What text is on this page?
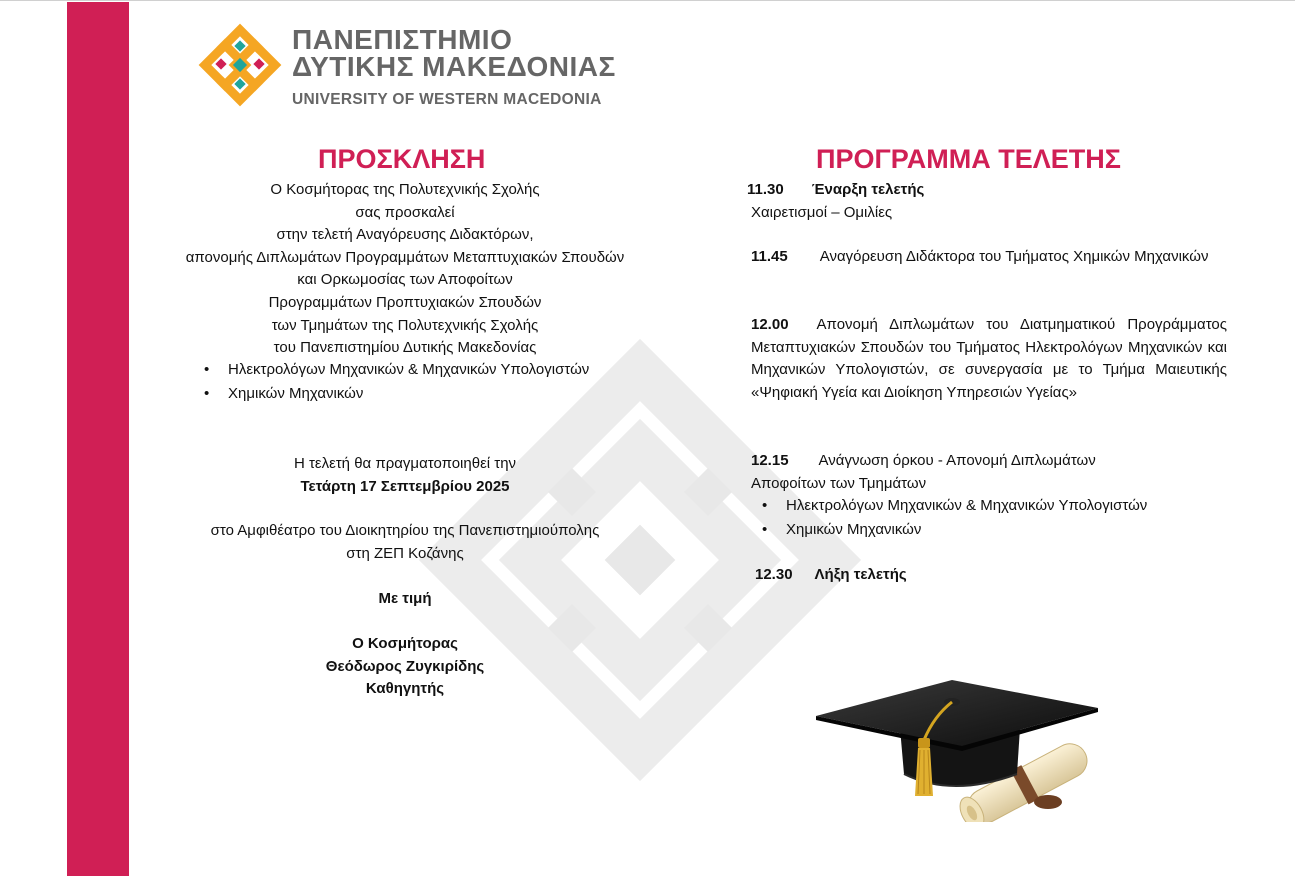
ΠΑΝΕΠΙΣΤΗΜΙΟ
ΔΥΤΙΚΗΣ ΜΑΚΕΔΟΝΙΑΣ
UNIVERSITY OF WESTERN MACEDONIA
ΠΡΟΣΚΛΗΣΗ	ΠΡΟΓΡΑΜΜΑ ΤΕΛΕΤΗΣ
Ο Κοσμήτορας της Πολυτεχνικής Σχολής
σας προσκαλεί
στην τελετή Αναγόρευσης Διδακτόρων,
απονομής Διπλωμάτων Προγραμμάτων Μεταπτυχιακών Σπουδών
και Ορκωμοσίας των Αποφοίτων
Προγραμμάτων Προπτυχιακών Σπουδών
των Τμημάτων της Πολυτεχνικής Σχολής
του Πανεπιστημίου Δυτικής Μακεδονίας
• Ηλεκτρολόγων Μηχανικών & Μηχανικών Υπολογιστών
• Χημικών Μηχανικών
Η τελετή θα πραγματοποιηθεί την
Τετάρτη 17 Σεπτεμβρίου 2025
στο Αμφιθέατρο του Διοικητηρίου της Πανεπιστημιούπολης
στη ΖΕΠ Κοζάνης
Με τιμή
Ο Κοσμήτορας
Θεόδωρος Ζυγκιρίδης
Καθηγητής
11.30 Έναρξη τελετής
Χαιρετισμοί – Ομιλίες
11.45 Αναγόρευση Διδάκτορα του Τμήματος Χημικών Μηχανικών
12.00 Απονομή Διπλωμάτων του Διατμηματικού Προγράμματος Μεταπτυχιακών Σπουδών του Τμήματος Ηλεκτρολόγων Μηχανικών και Μηχανικών Υπολογιστών, σε συνεργασία με το Τμήμα Μαιευτικής «Ψηφιακή Υγεία και Διοίκηση Υπηρεσιών Υγείας»
12.15 Ανάγνωση όρκου - Απονομή Διπλωμάτων
Αποφοίτων των Τμημάτων
• Ηλεκτρολόγων Μηχανικών & Μηχανικών Υπολογιστών
• Χημικών Μηχανικών
12.30 Λήξη τελετής
